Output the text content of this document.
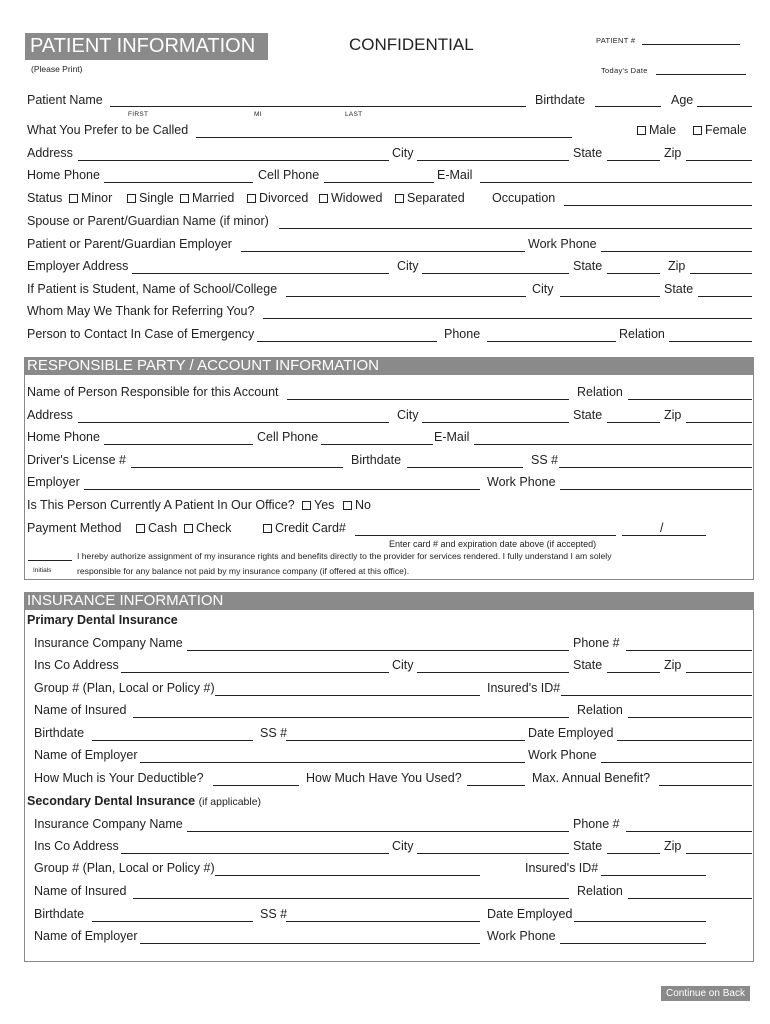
PATIENT INFORMATION
(Please Print)
CONFIDENTIAL	PATIENT #
Today's Date
Patient Name
FIRST	MI	LAST
Birthdate	Age
What You Prefer to be Called	Male	Female
Address	City	State	Zip
Home Phone	Cell Phone	E-Mail
Status	Minor	Single	Married	Divorced	Widowed	Separated Occupation
Spouse or Parent/Guardian Name (if minor)
Patient or Parent/Guardian Employer	Work Phone
Employer Address	City	State	Zip
If Patient is Student, Name of School/College	City	State
Whom May We Thank for Referring You?
Person to Contact In Case of Emergency	Phone	Relation
RESPONSIBLE PARTY / ACCOUNT INFORMATION
Name of Person Responsible for this Account	Relation
Address	City	State	Zip
Home Phone	Cell Phone	E-Mail
Driver's License #	Birthdate	SS #
Employer	Work Phone
Is This Person Currently A Patient In Our Office?	Yes	No
Payment Method	Cash	Check	Credit Card#	/
Enter card # and expiration date above (if accepted)
I hereby authorize assignment of my insurance rights and benefits directly to the provider for services rendered. I fully understand I am solely
responsible for any balance not paid by my insurance company (if offered at this office).
Initials
INSURANCE INFORMATION
Primary Dental Insurance
Insurance Company Name	Phone #
Ins Co Address	City	State	Zip
Group # (Plan, Local or Policy #)	Insured's ID#
Name of Insured	Relation
Birthdate	SS #	Date Employed
Name of Employer	Work Phone
How Much is Your Deductible?	How Much Have You Used?	Max. Annual Benefit?
Secondary Dental Insurance (if applicable)
Insurance Company Name	Phone #
Ins Co Address	City	State	Zip
Group # (Plan, Local or Policy #)	Insured's ID#
Name of Insured	Relation
Birthdate	SS #	Date Employed
Name of Employer	Work Phone
Continue on Back
